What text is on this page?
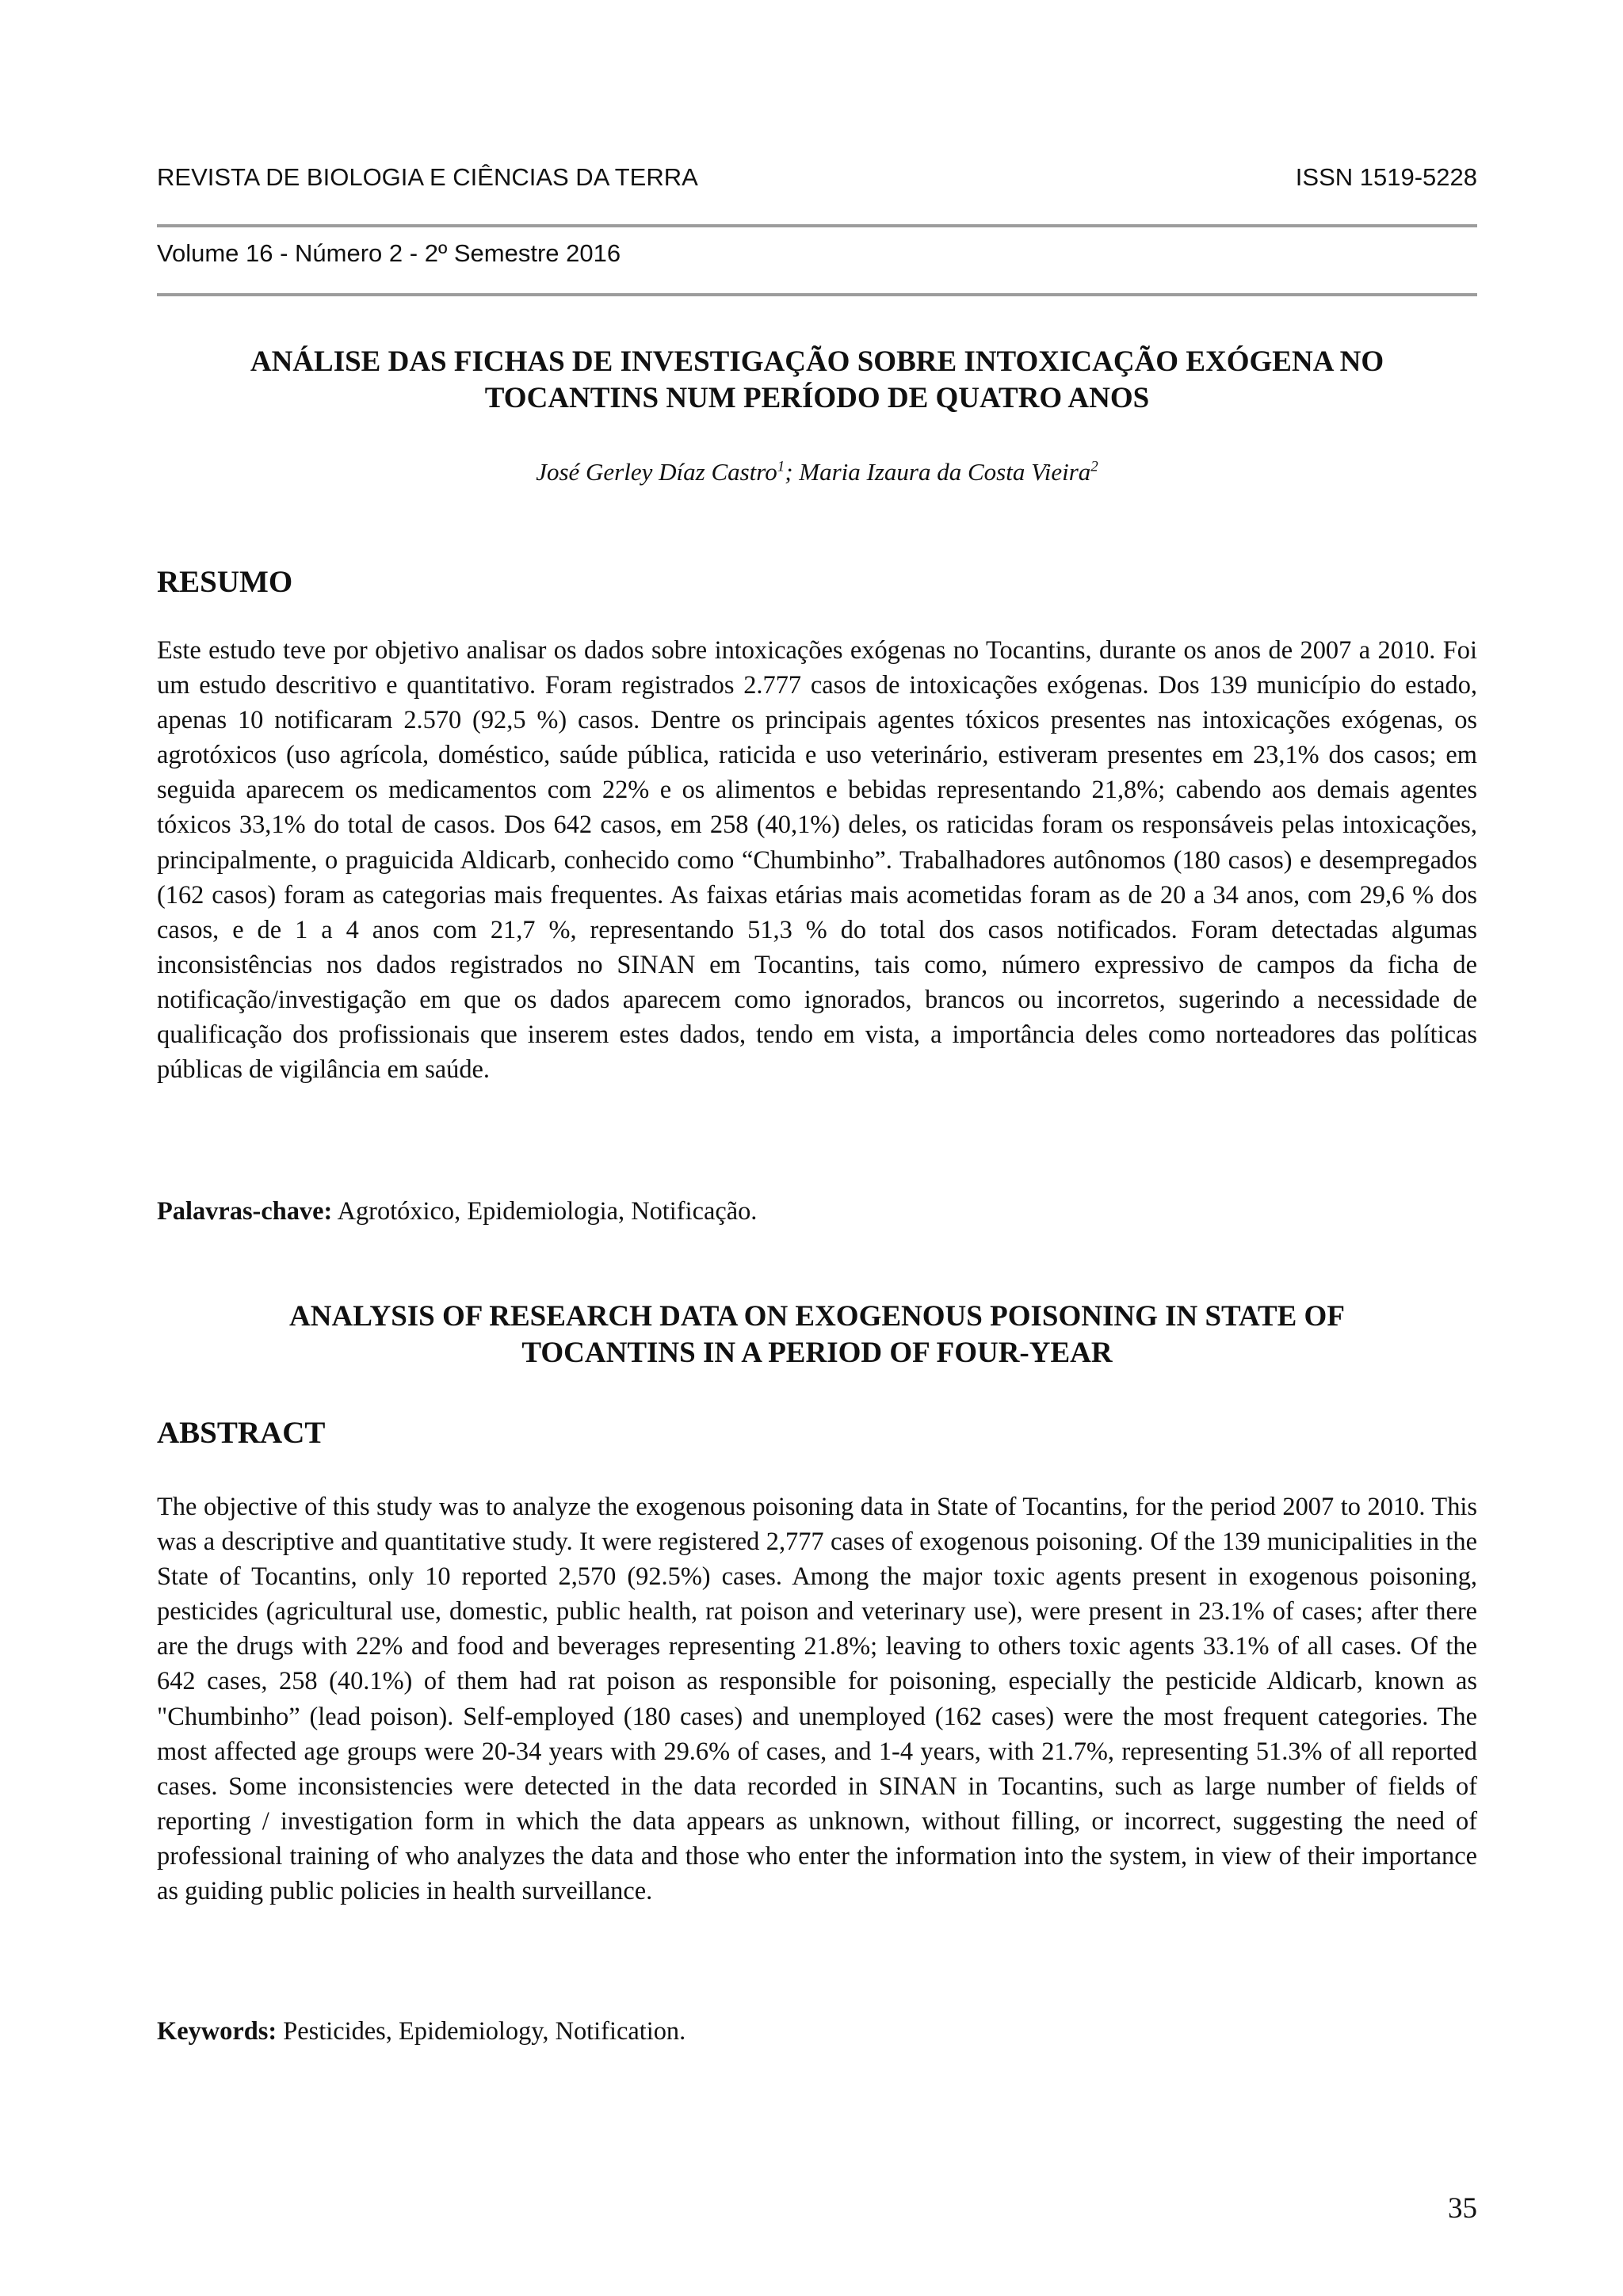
REVISTA DE BIOLOGIA E CIÊNCIAS DA TERRA	ISSN 1519-5228
Volume 16 - Número 2 - 2º Semestre 2016
ANÁLISE DAS FICHAS DE INVESTIGAÇÃO SOBRE INTOXICAÇÃO EXÓGENA NO
TOCANTINS NUM PERÍODO DE QUATRO ANOS
José Gerley Díaz Castro$^1$; Maria Izaura da Costa Vieira$^2$
RESUMO

Este estudo teve por objetivo analisar os dados sobre intoxicações exógenas no Tocantins, durante os anos de 2007 a 2010. Foi um estudo descritivo e quantitativo. Foram registrados 2.777 casos de intoxicações exógenas. Dos 139 município do estado, apenas 10 notificaram 2.570 (92,5 %) casos. Dentre os principais agentes tóxicos presentes nas intoxicações exógenas, os agrotóxicos (uso agrícola, doméstico, saúde pública, raticida e uso veterinário, estiveram presentes em 23,1% dos casos; em seguida aparecem os medicamentos com 22% e os alimentos e bebidas representando 21,8%; cabendo aos demais agentes tóxicos 33,1% do total de casos. Dos 642 casos, em 258 (40,1%) deles, os raticidas foram os responsáveis pelas intoxicações, principalmente, o praguicida Aldicarb, conhecido como “Chumbinho”. Trabalhadores autônomos (180 casos) e desempregados (162 casos) foram as categorias mais frequentes. As faixas etárias mais acometidas foram as de 20 a 34 anos, com 29,6 % dos casos, e de 1 a 4 anos com 21,7 %, representando 51,3 % do total dos casos notificados. Foram detectadas algumas inconsistências nos dados registrados no SINAN em Tocantins, tais como, número expressivo de campos da ficha de notificação/investigação em que os dados aparecem como ignorados, brancos ou incorretos, sugerindo a necessidade de qualificação dos profissionais que inserem estes dados, tendo em vista, a importância deles como norteadores das políticas públicas de vigilância em saúde.

Palavras-chave: Agrotóxico, Epidemiologia, Notificação.

ANALYSIS OF RESEARCH DATA ON EXOGENOUS POISONING IN STATE OF
TOCANTINS IN A PERIOD OF FOUR-YEAR
ABSTRACT

The objective of this study was to analyze the exogenous poisoning data in State of Tocantins, for the period 2007 to 2010. This was a descriptive and quantitative study. It were registered 2,777 cases of exogenous poisoning. Of the 139 municipalities in the State of Tocantins, only 10 reported 2,570 (92.5%) cases. Among the major toxic agents present in exogenous poisoning, pesticides (agricultural use, domestic, public health, rat poison and veterinary use), were present in 23.1% of cases; after there are the drugs with 22% and food and beverages representing 21.8%; leaving to others toxic agents 33.1% of all cases. Of the 642 cases, 258 (40.1%) of them had rat poison as responsible for poisoning, especially the pesticide Aldicarb, known as "Chumbinho” (lead poison). Self-employed (180 cases) and unemployed (162 cases) were the most frequent categories. The most affected age groups were 20-34 years with 29.6% of cases, and 1-4 years, with 21.7%, representing 51.3% of all reported cases. Some inconsistencies were detected in the data recorded in SINAN in Tocantins, such as large number of fields of reporting / investigation form in which the data appears as unknown, without filling, or incorrect, suggesting the need of professional training of who analyzes the data and those who enter the information into the system, in view of their importance as guiding public policies in health surveillance.

Keywords: Pesticides, Epidemiology, Notification.

35
